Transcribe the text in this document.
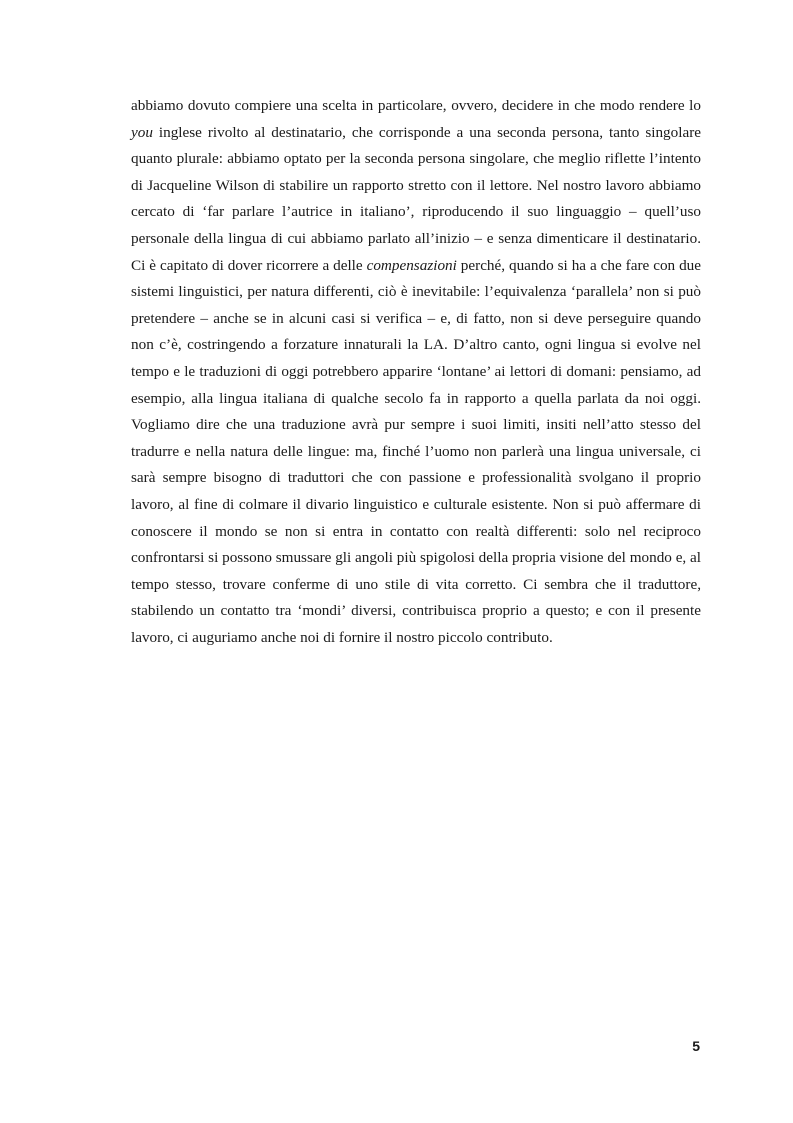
abbiamo dovuto compiere una scelta in particolare, ovvero, decidere in che modo rendere lo you inglese rivolto al destinatario, che corrisponde a una seconda persona, tanto singolare quanto plurale: abbiamo optato per la seconda persona singolare, che meglio riflette l’intento di Jacqueline Wilson di stabilire un rapporto stretto con il lettore. Nel nostro lavoro abbiamo cercato di ‘far parlare l’autrice in italiano’, riproducendo il suo linguaggio – quell’uso personale della lingua di cui abbiamo parlato all’inizio – e senza dimenticare il destinatario. Ci è capitato di dover ricorrere a delle compensazioni perché, quando si ha a che fare con due sistemi linguistici, per natura differenti, ciò è inevitabile: l’equivalenza ‘parallela’ non si può pretendere – anche se in alcuni casi si verifica – e, di fatto, non si deve perseguire quando non c’è, costringendo a forzature innaturali la LA. D’altro canto, ogni lingua si evolve nel tempo e le traduzioni di oggi potrebbero apparire ‘lontane’ ai lettori di domani: pensiamo, ad esempio, alla lingua italiana di qualche secolo fa in rapporto a quella parlata da noi oggi. Vogliamo dire che una traduzione avrà pur sempre i suoi limiti, insiti nell’atto stesso del tradurre e nella natura delle lingue: ma, finché l’uomo non parlerà una lingua universale, ci sarà sempre bisogno di traduttori che con passione e professionalità svolgano il proprio lavoro, al fine di colmare il divario linguistico e culturale esistente. Non si può affermare di conoscere il mondo se non si entra in contatto con realtà differenti: solo nel reciproco confrontarsi si possono smussare gli angoli più spigolosi della propria visione del mondo e, al tempo stesso, trovare conferme di uno stile di vita corretto. Ci sembra che il traduttore, stabilendo un contatto tra ‘mondi’ diversi, contribuisca proprio a questo; e con il presente lavoro, ci auguriamo anche noi di fornire il nostro piccolo contributo.

5
